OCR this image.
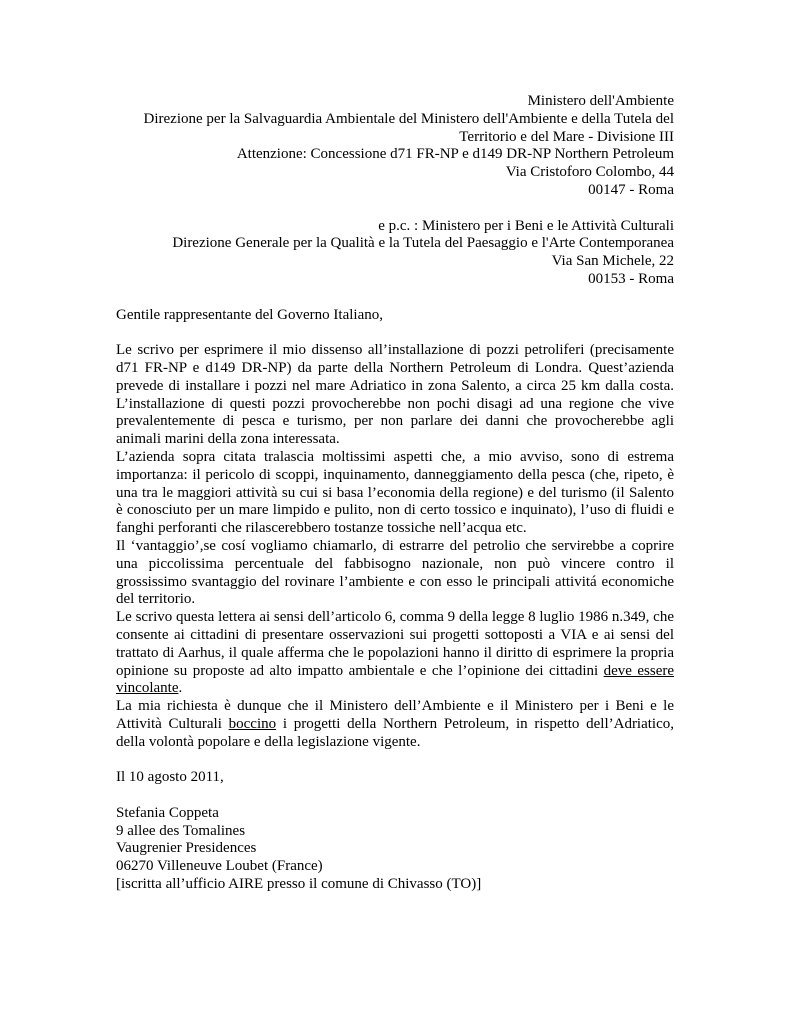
Ministero dell'Ambiente
Direzione per la Salvaguardia Ambientale del Ministero dell'Ambiente e della Tutela del
Territorio e del Mare - Divisione III
Attenzione: Concessione d71 FR-NP e d149 DR-NP Northern Petroleum
Via Cristoforo Colombo, 44
00147 - Roma
e p.c. : Ministero per i Beni e le Attività Culturali
Direzione Generale per la Qualità e la Tutela del Paesaggio e l'Arte Contemporanea
Via San Michele, 22
00153 - Roma
Gentile rappresentante del Governo Italiano,

Le scrivo per esprimere il mio dissenso all’installazione di pozzi petroliferi (precisamente d71 FR-NP e d149 DR-NP) da parte della Northern Petroleum di Londra. Quest’azienda prevede di installare i pozzi nel mare Adriatico in zona Salento, a circa 25 km dalla costa. L’installazione di questi pozzi provocherebbe non pochi disagi ad una regione che vive prevalentemente di pesca e turismo, per non parlare dei danni che provocherebbe agli animali marini della zona interessata.

L’azienda sopra citata tralascia moltissimi aspetti che, a mio avviso, sono di estrema importanza: il pericolo di scoppi, inquinamento, danneggiamento della pesca (che, ripeto, è una tra le maggiori attività su cui si basa l’economia della regione) e del turismo (il Salento è conosciuto per un mare limpido e pulito, non di certo tossico e inquinato), l’uso di fluidi e fanghi perforanti che rilascerebbero tostanze tossiche nell’acqua etc.

Il ‘vantaggio’,se cosí vogliamo chiamarlo, di estrarre del petrolio che servirebbe a coprire una piccolissima percentuale del fabbisogno nazionale, non può vincere contro il grossissimo svantaggio del rovinare l’ambiente e con esso le principali attivitá economiche del territorio.

Le scrivo questa lettera ai sensi dell’articolo 6, comma 9 della legge 8 luglio 1986 n.349, che consente ai cittadini di presentare osservazioni sui progetti sottoposti a VIA e ai sensi del trattato di Aarhus, il quale afferma che le popolazioni hanno il diritto di esprimere la propria opinione su proposte ad alto impatto ambientale e che l’opinione dei cittadini deve essere vincolante.

La mia richiesta è dunque che il Ministero dell’Ambiente e il Ministero per i Beni e le Attività Culturali boccino i progetti della Northern Petroleum, in rispetto dell’Adriatico, della volontà popolare e della legislazione vigente.

Il 10 agosto 2011,
Stefania Coppeta
9 allee des Tomalines
Vaugrenier Presidences
06270 Villeneuve Loubet (France)
[iscritta all’ufficio AIRE presso il comune di Chivasso (TO)]
